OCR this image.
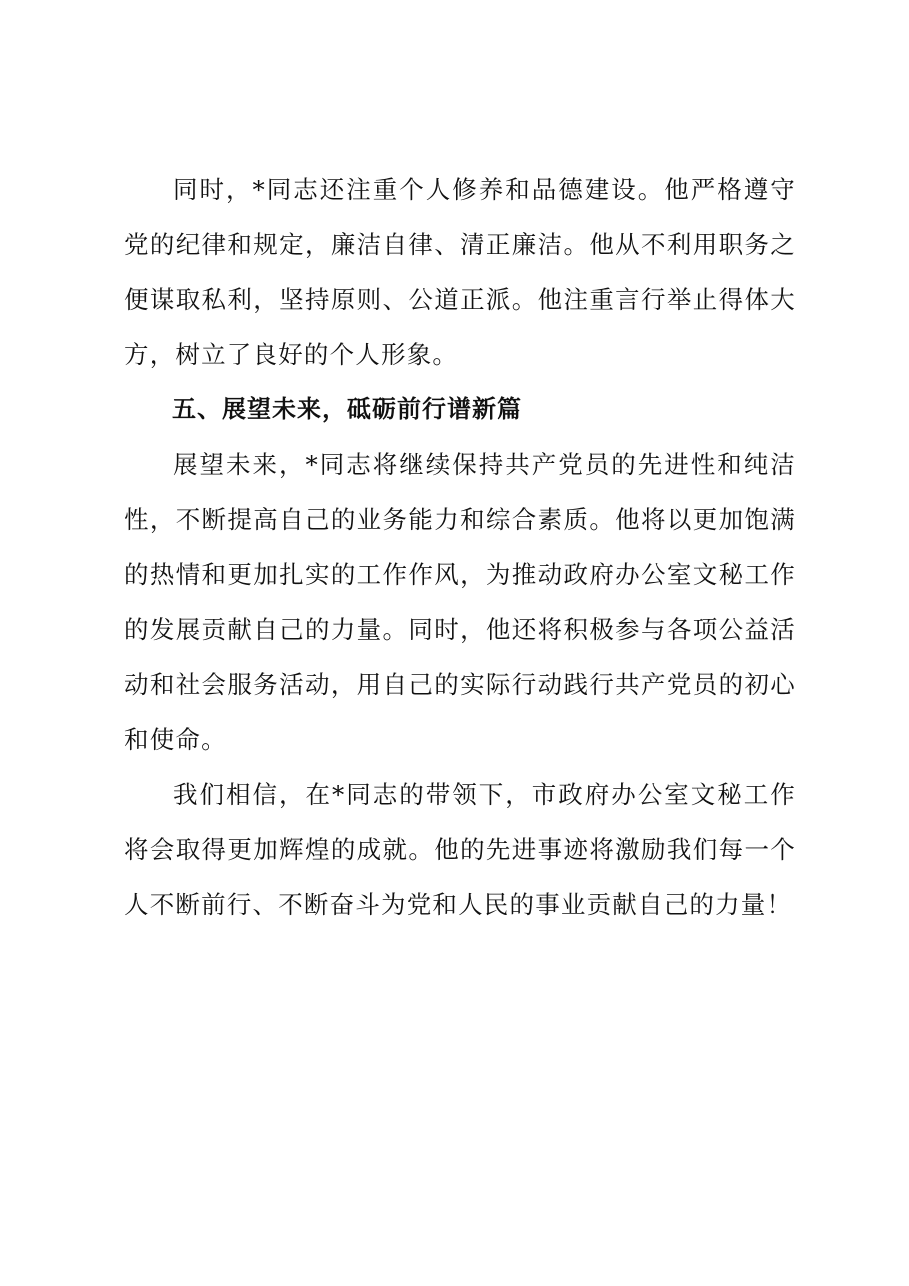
同时，*同志还注重个人修养和品德建设。他严格遵守党的纪律和规定，廉洁自律、清正廉洁。他从不利用职务之便谋取私利，坚持原则、公道正派。他注重言行举止得体大方，树立了良好的个人形象。

五、展望未来，砥砺前行谱新篇

展望未来，*同志将继续保持共产党员的先进性和纯洁性，不断提高自己的业务能力和综合素质。他将以更加饱满的热情和更加扎实的工作作风，为推动政府办公室文秘工作的发展贡献自己的力量。同时，他还将积极参与各项公益活动和社会服务活动，用自己的实际行动践行共产党员的初心和使命。

我们相信，在*同志的带领下，市政府办公室文秘工作将会取得更加辉煌的成就。他的先进事迹将激励我们每一个人不断前行、不断奋斗为党和人民的事业贡献自己的力量！
